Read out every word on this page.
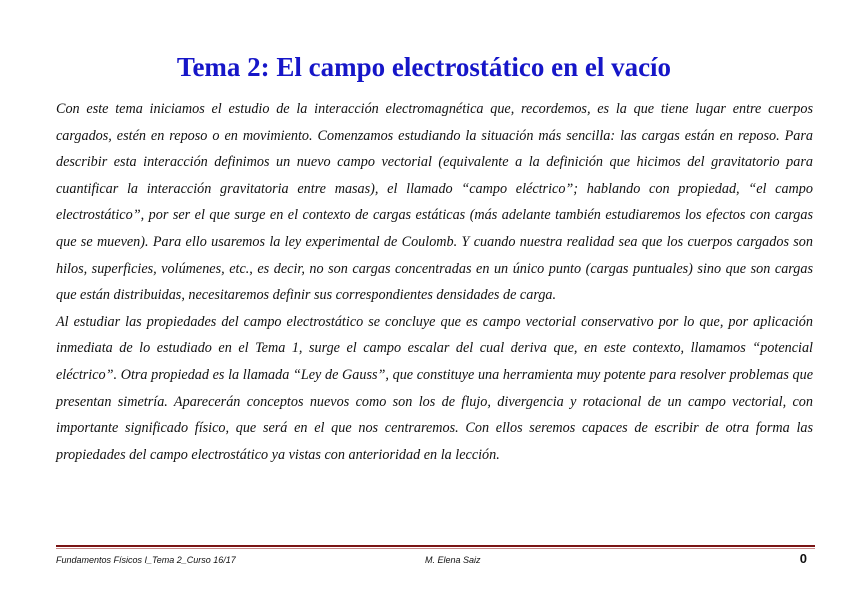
Tema 2: El campo electrostático en el vacío

Con este tema iniciamos el estudio de la interacción electromagnética que, recordemos, es la que tiene lugar entre cuerpos cargados, estén en reposo o en movimiento. Comenzamos estudiando la situación más sencilla: las cargas están en reposo. Para describir esta interacción definimos un nuevo campo vectorial (equivalente a la definición que hicimos del gravitatorio para cuantificar la interacción gravitatoria entre masas), el llamado “campo eléctrico”; hablando con propiedad, “el campo electrostático”, por ser el que surge en el contexto de cargas estáticas (más adelante también estudiaremos los efectos con cargas que se mueven). Para ello usaremos la ley experimental de Coulomb. Y cuando nuestra realidad sea que los cuerpos cargados son hilos, superficies, volúmenes, etc., es decir, no son cargas concentradas en un único punto (cargas puntuales) sino que son cargas que están distribuidas, necesitaremos definir sus correspondientes densidades de carga.

Al estudiar las propiedades del campo electrostático se concluye que es campo vectorial conservativo por lo que, por aplicación inmediata de lo estudiado en el Tema 1, surge el campo escalar del cual deriva que, en este contexto, llamamos “potencial eléctrico”. Otra propiedad es la llamada “Ley de Gauss”, que constituye una herramienta muy potente para resolver problemas que presentan simetría. Aparecerán conceptos nuevos como son los de flujo, divergencia y rotacional de un campo vectorial, con importante significado físico, que será en el que nos centraremos. Con ellos seremos capaces de escribir de otra forma las propiedades del campo electrostático ya vistas con anterioridad en la lección.

Fundamentos Físicos I_Tema 2_Curso 16/17	M. Elena Saiz	0
